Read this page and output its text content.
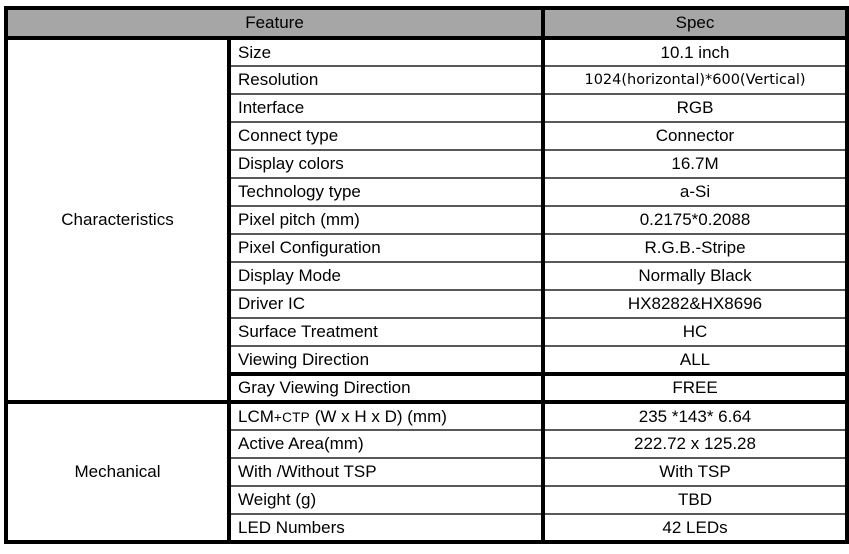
Feature		Spec
Characteristics	Size	10.1 inch
	Resolution	1024(horizontal)*600(Vertical)
	Interface	RGB
	Connect type	Connector
	Display colors	16.7M
	Technology type	a-Si
	Pixel pitch (mm)	0.2175*0.2088
	Pixel Configuration	R.G.B.-Stripe
	Display Mode	Normally Black
	Driver IC	HX8282&HX8696
	Surface Treatment	HC
	Viewing Direction	ALL
	Gray Viewing Direction	FREE
Mechanical	LCM+CTP (W x H x D) (mm)	235 *143* 6.64
	Active Area(mm)	222.72 x 125.28
	With /Without TSP	With TSP
	Weight (g)	TBD
	LED Numbers	42 LEDs
